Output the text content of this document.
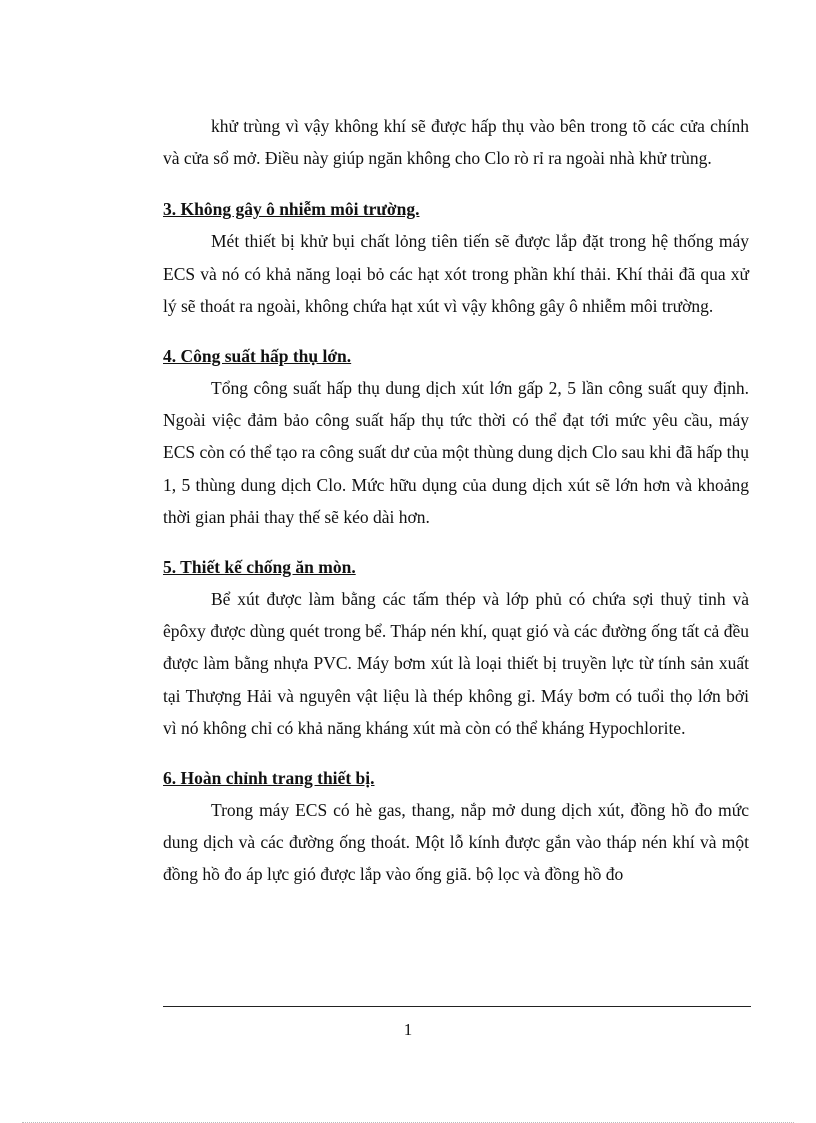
khử trùng vì vậy không khí sẽ được hấp thụ vào bên trong tõ các cửa chính và cửa sổ mở. Điều này giúp ngăn không cho Clo rò rỉ ra ngoài nhà khử trùng.

3. Không gây ô nhiễm môi trường.

Mét thiết bị khử bụi chất lỏng tiên tiến sẽ được lắp đặt trong hệ thống máy ECS và nó có khả năng loại bỏ các hạt xót trong phần khí thải. Khí thải đã qua xử lý sẽ thoát ra ngoài, không chứa hạt xút vì vậy không gây ô nhiễm môi trường.

4. Công suất hấp thụ lớn.

Tổng công suất hấp thụ dung dịch xút lớn gấp 2, 5 lần công suất quy định. Ngoài việc đảm bảo công suất hấp thụ tức thời có thể đạt tới mức yêu cầu, máy ECS còn có thể tạo ra công suất dư của một thùng dung dịch Clo sau khi đã hấp thụ 1, 5 thùng dung dịch Clo. Mức hữu dụng của dung dịch xút sẽ lớn hơn và khoảng thời gian phải thay thế sẽ kéo dài hơn.

5. Thiết kế chống ăn mòn.

Bể xút được làm bằng các tấm thép và lớp phủ có chứa sợi thuỷ tinh và êpôxy được dùng quét trong bể. Tháp nén khí, quạt gió và các đường ống tất cả đều được làm bằng nhựa PVC. Máy bơm xút là loại thiết bị truyền lực từ tính sản xuất tại Thượng Hải và nguyên vật liệu là thép không gỉ. Máy bơm có tuổi thọ lớn bởi vì nó không chỉ có khả năng kháng xút mà còn có thể kháng Hypochlorite.

6. Hoàn chỉnh trang thiết bị.

Trong máy ECS có hè gas, thang, nắp mở dung dịch xút, đồng hồ đo mức dung dịch và các đường ống thoát. Một lỗ kính được gắn vào tháp nén khí và một đồng hồ đo áp lực gió được lắp vào ống giã. bộ lọc và đồng hồ đo

1
